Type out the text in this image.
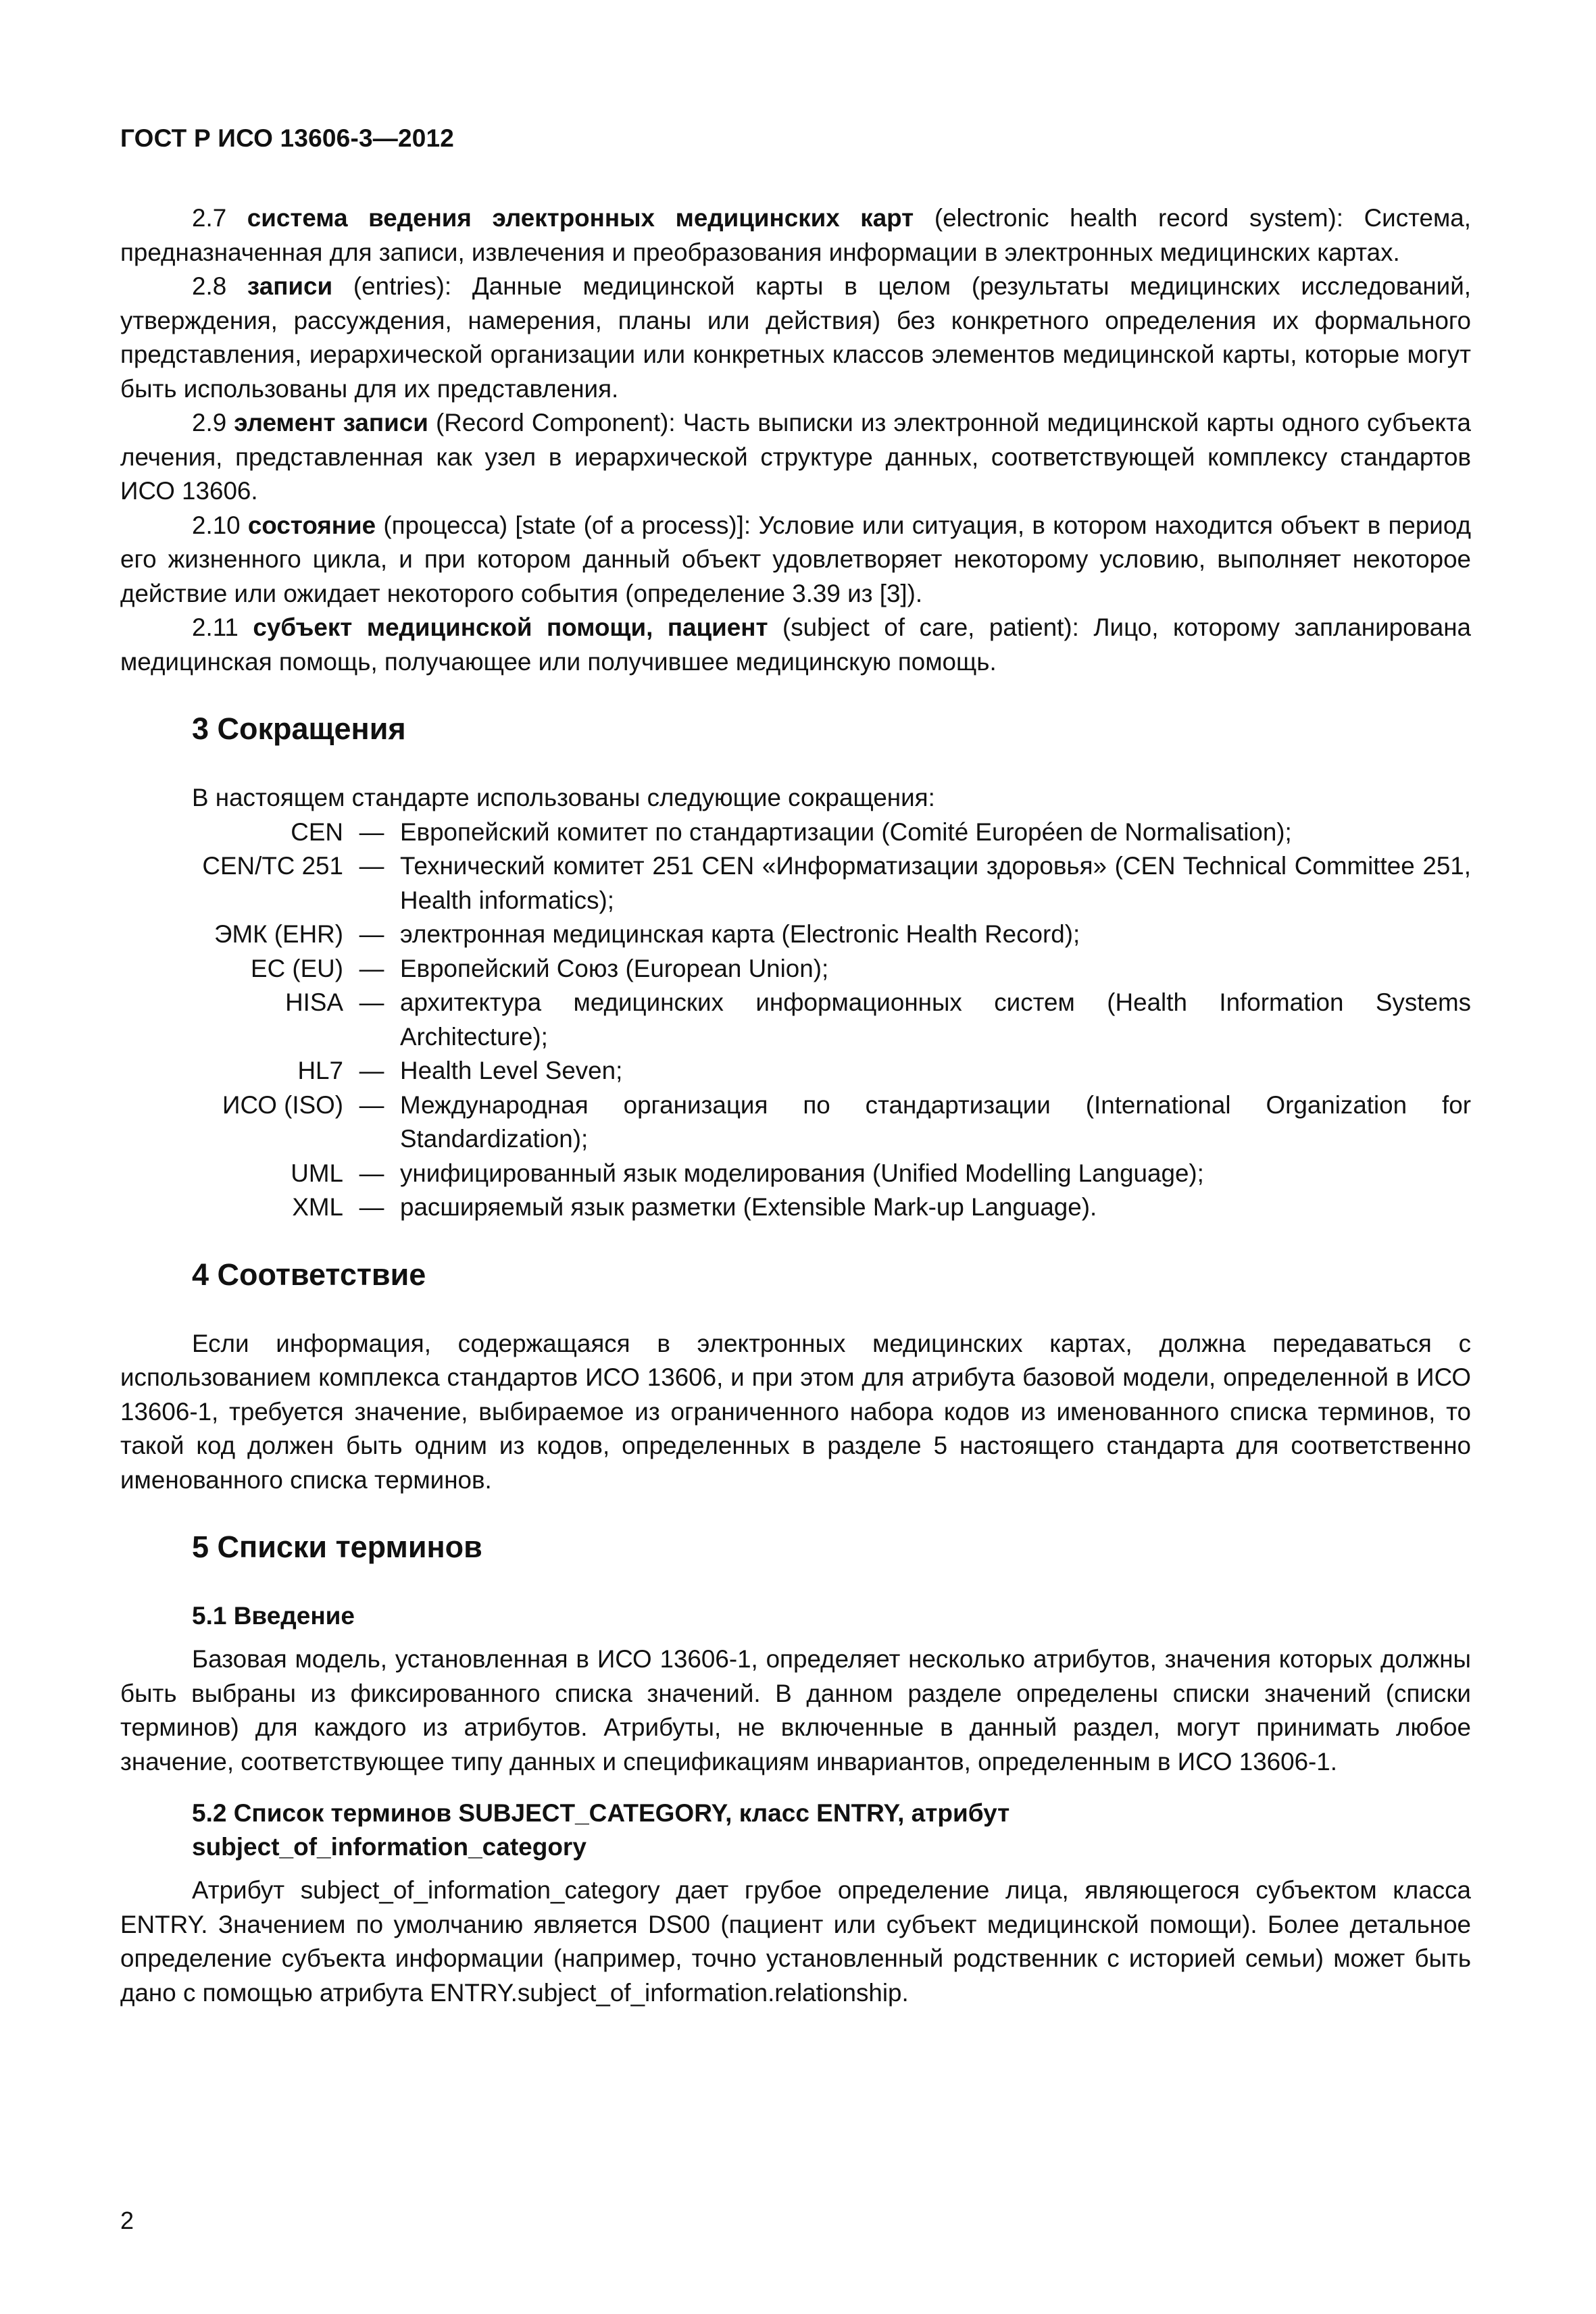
ГОСТ Р ИСО 13606-3—2012

2.7 система ведения электронных медицинских карт (electronic health record system): Система, предназначенная для записи, извлечения и преобразования информации в электронных медицинских картах.

2.8 записи (entries): Данные медицинской карты в целом (результаты медицинских исследований, утверждения, рассуждения, намерения, планы или действия) без конкретного определения их формального представления, иерархической организации или конкретных классов элементов медицинской карты, которые могут быть использованы для их представления.

2.9 элемент записи (Record Component): Часть выписки из электронной медицинской карты одного субъекта лечения, представленная как узел в иерархической структуре данных, соответствующей комплексу стандартов ИСО 13606.

2.10 состояние (процесса) [state (of a process)]: Условие или ситуация, в котором находится объект в период его жизненного цикла, и при котором данный объект удовлетворяет некоторому условию, выполняет некоторое действие или ожидает некоторого события (определение 3.39 из [3]).

2.11 субъект медицинской помощи, пациент (subject of care, patient): Лицо, которому запланирована медицинская помощь, получающее или получившее медицинскую помощь.

3 Сокращения

В настоящем стандарте использованы следующие сокращения:

CEN — Европейский комитет по стандартизации (Comité Européen de Normalisation);
CEN/TC 251 — Технический комитет 251 CEN «Информатизации здоровья» (CEN Technical Committee 251, Health informatics);
ЭМК (EHR) — электронная медицинская карта (Electronic Health Record);
ЕС (EU) — Европейский Союз (European Union);
HISA — архитектура медицинских информационных систем (Health Information Systems Architecture);
HL7 — Health Level Seven;
ИСО (ISO) — Международная организация по стандартизации (International Organization for Standardization);
UML — унифицированный язык моделирования (Unified Modelling Language);
XML — расширяемый язык разметки (Extensible Mark-up Language).
4 Соответствие

Если информация, содержащаяся в электронных медицинских картах, должна передаваться с использованием комплекса стандартов ИСО 13606, и при этом для атрибута базовой модели, определенной в ИСО 13606-1, требуется значение, выбираемое из ограниченного набора кодов из именованного списка терминов, то такой код должен быть одним из кодов, определенных в разделе 5 настоящего стандарта для соответственно именованного списка терминов.

5 Списки терминов
5.1 Введение

Базовая модель, установленная в ИСО 13606-1, определяет несколько атрибутов, значения которых должны быть выбраны из фиксированного списка значений. В данном разделе определены списки значений (списки терминов) для каждого из атрибутов. Атрибуты, не включенные в данный раздел, могут принимать любое значение, соответствующее типу данных и спецификациям инвариантов, определенным в ИСО 13606-1.

5.2 Список терминов SUBJECT_CATEGORY, класс ENTRY, атрибут
subject_of_information_category

Атрибут subject_of_information_category дает грубое определение лица, являющегося субъектом класса ENTRY. Значением по умолчанию является DS00 (пациент или субъект медицинской помощи). Более детальное определение субъекта информации (например, точно установленный родственник с историей семьи) может быть дано с помощью атрибута ENTRY.subject_of_information.relationship.

2
